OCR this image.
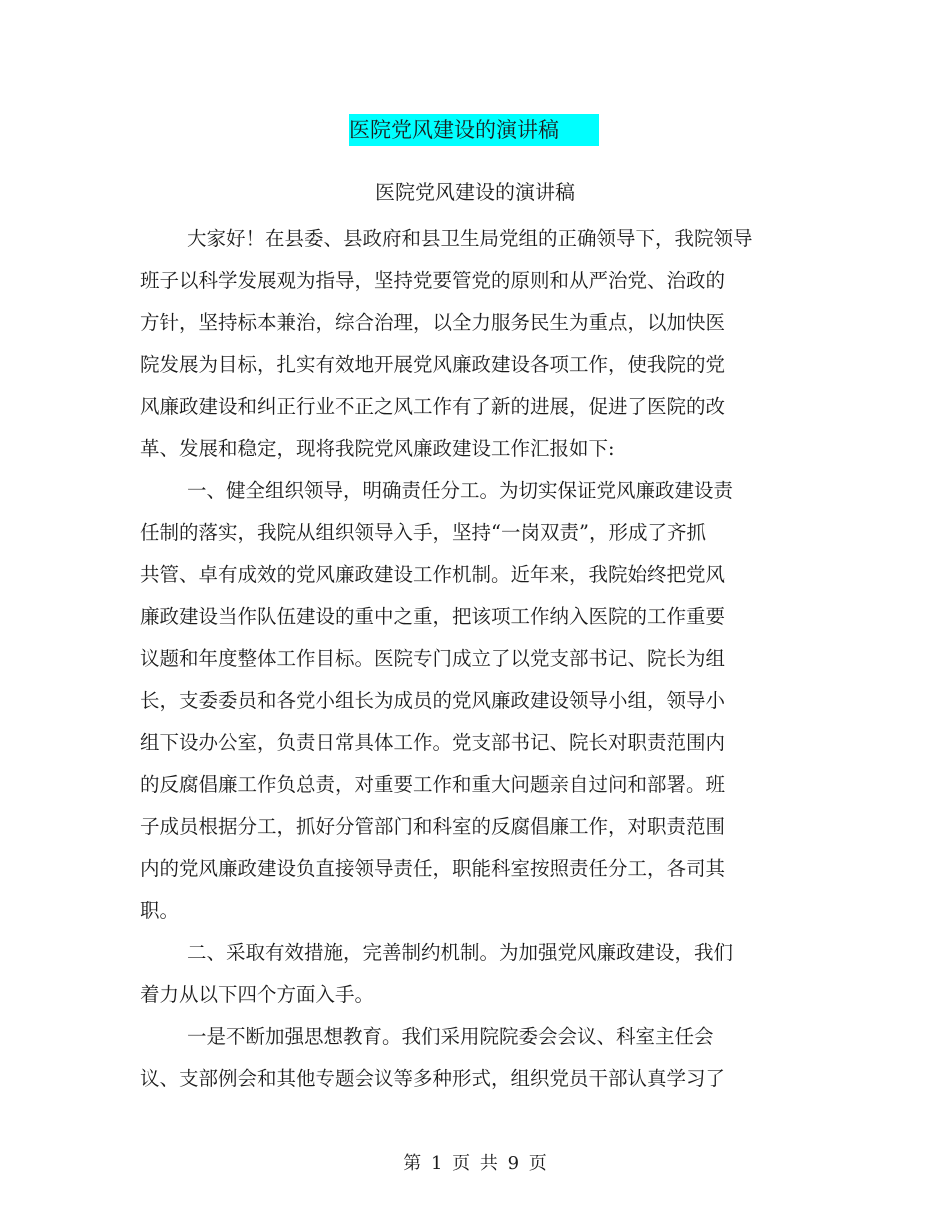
医院党风建设的演讲稿
医院党风建设的演讲稿

大家好！在县委、县政府和县卫生局党组的正确领导下，我院领导
班子以科学发展观为指导，坚持党要管党的原则和从严治党、治政的
方针，坚持标本兼治，综合治理，以全力服务民生为重点，以加快医
院发展为目标，扎实有效地开展党风廉政建设各项工作，使我院的党
风廉政建设和纠正行业不正之风工作有了新的进展，促进了医院的改
革、发展和稳定，现将我院党风廉政建设工作汇报如下:

一、健全组织领导，明确责任分工。为切实保证党风廉政建设责
任制的落实，我院从组织领导入手，坚持“一岗双责”，形成了齐抓
共管、卓有成效的党风廉政建设工作机制。近年来，我院始终把党风
廉政建设当作队伍建设的重中之重，把该项工作纳入医院的工作重要
议题和年度整体工作目标。医院专门成立了以党支部书记、院长为组
长，支委委员和各党小组长为成员的党风廉政建设领导小组，领导小
组下设办公室，负责日常具体工作。党支部书记、院长对职责范围内
的反腐倡廉工作负总责，对重要工作和重大问题亲自过问和部署。班
子成员根据分工，抓好分管部门和科室的反腐倡廉工作，对职责范围
内的党风廉政建设负直接领导责任，职能科室按照责任分工，各司其
职。

二、采取有效措施，完善制约机制。为加强党风廉政建设，我们
着力从以下四个方面入手。

一是不断加强思想教育。我们采用院院委会会议、科室主任会
议、支部例会和其他专题会议等多种形式，组织党员干部认真学习了

第 1 页 共 9 页
